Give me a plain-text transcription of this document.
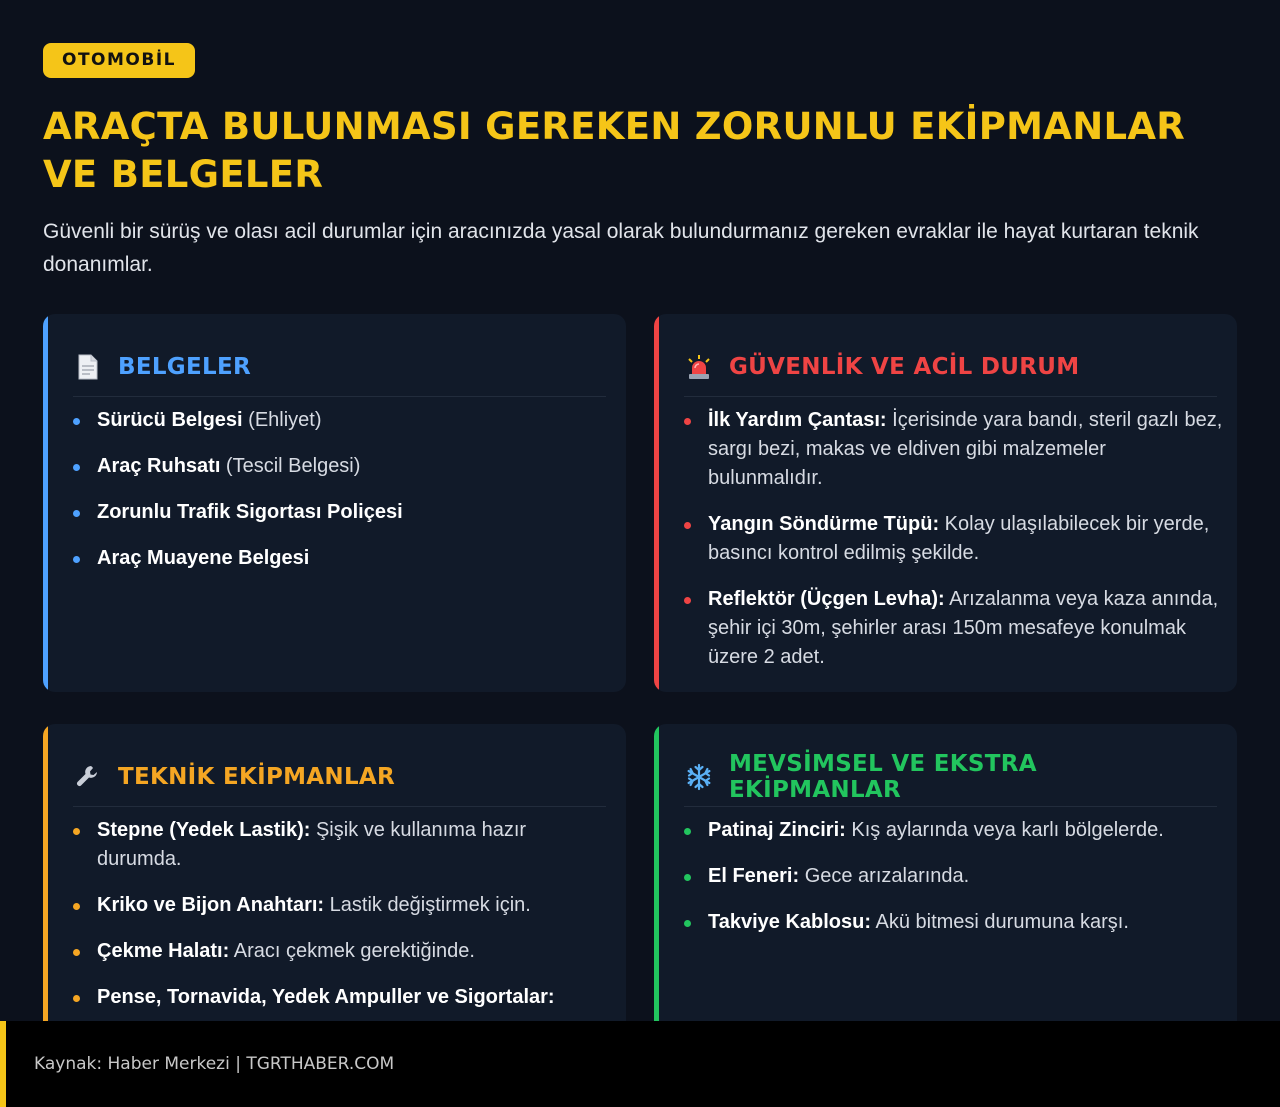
OTOMOBİL
ARAÇTA BULUNMASI GEREKEN ZORUNLU EKİPMANLAR VE BELGELER

Güvenli bir sürüş ve olası acil durumlar için aracınızda yasal olarak bulundurmanız gereken evraklar ile hayat kurtaran teknik donanımlar.

BELGELER
Sürücü Belgesi (Ehliyet)
Araç Ruhsatı (Tescil Belgesi)
Zorunlu Trafik Sigortası Poliçesi
Araç Muayene Belgesi
GÜVENLİK VE ACİL DURUM
İlk Yardım Çantası: İçerisinde yara bandı, steril gazlı bez, sargı bezi, makas ve eldiven gibi malzemeler bulunmalıdır.
Yangın Söndürme Tüpü: Kolay ulaşılabilecek bir yerde, basıncı kontrol edilmiş şekilde.
Reflektör (Üçgen Levha): Arızalanma veya kaza anında, şehir içi 30m, şehirler arası 150m mesafeye konulmak üzere 2 adet.
TEKNİK EKİPMANLAR
Stepne (Yedek Lastik): Şişik ve kullanıma hazır durumda.
Kriko ve Bijon Anahtarı: Lastik değiştirmek için.
Çekme Halatı: Aracı çekmek gerektiğinde.
Pense, Tornavida, Yedek Ampuller ve Sigortalar:
MEVSİMSEL VE EKSTRA EKİPMANLAR
Patinaj Zinciri: Kış aylarında veya karlı bölgelerde.
El Feneri: Gece arızalarında.
Takviye Kablosu: Akü bitmesi durumuna karşı.
Kaynak: Haber Merkezi | TGRTHABER.COM
